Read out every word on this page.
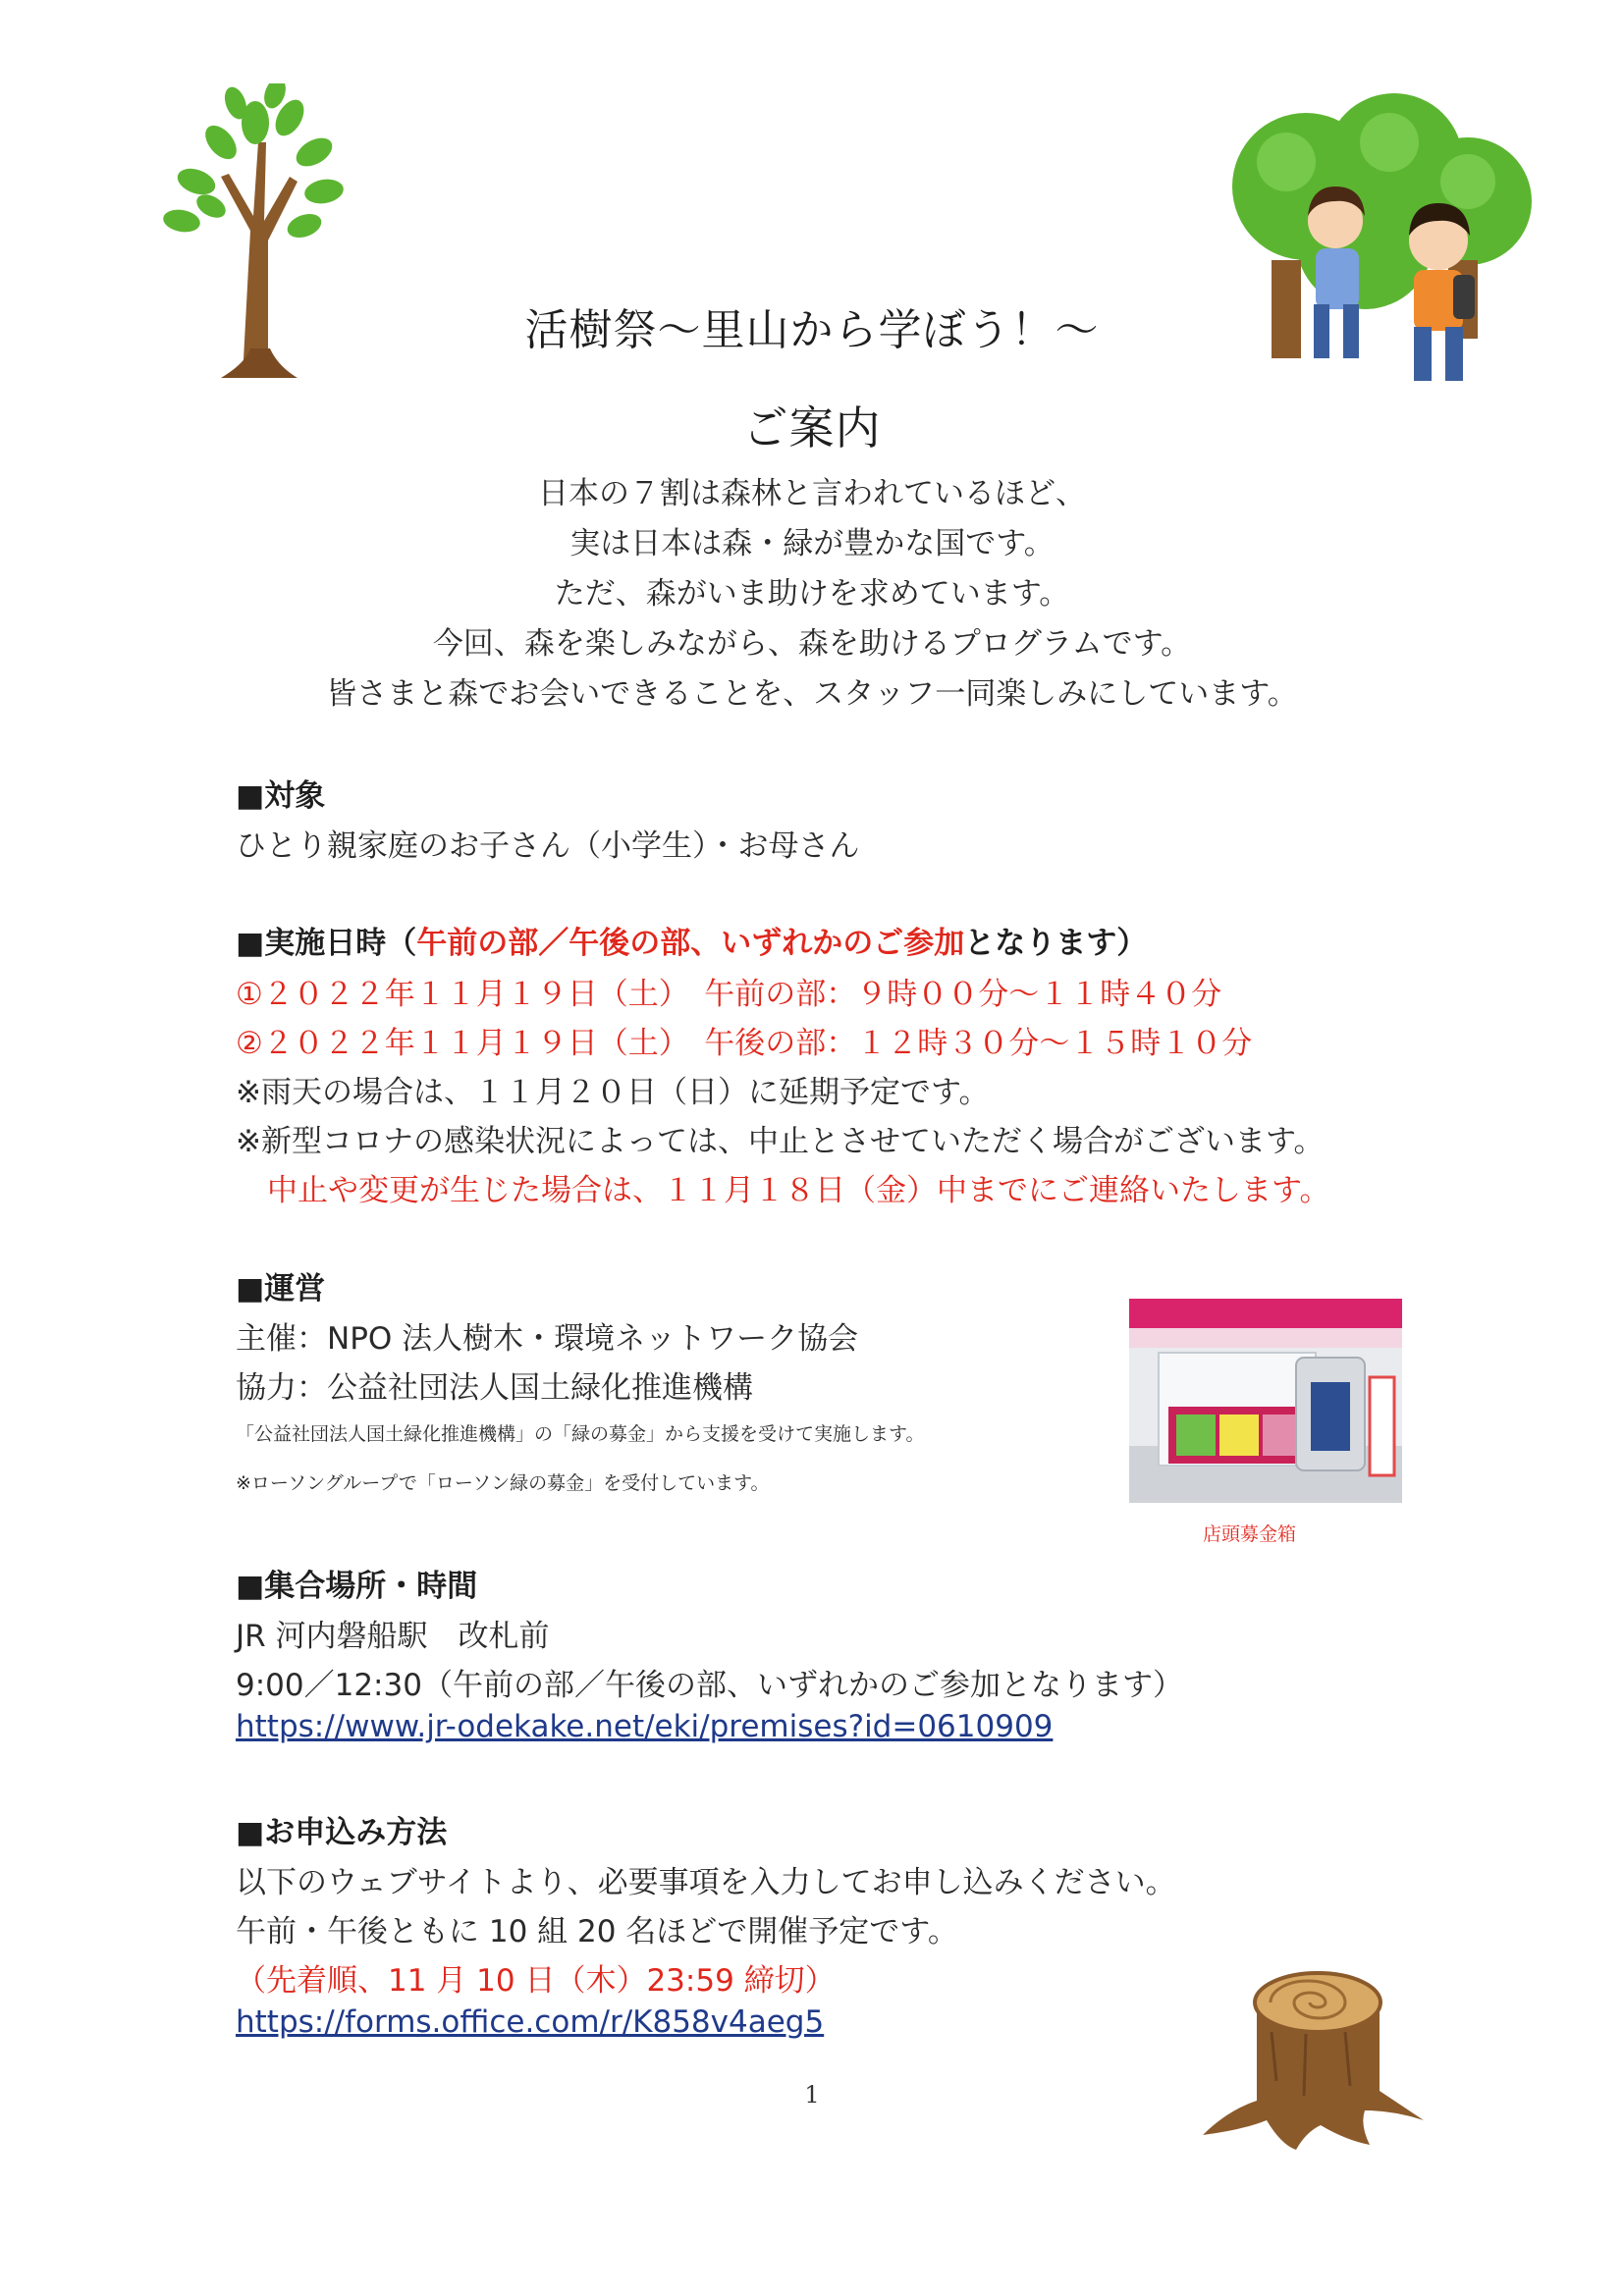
活樹祭～里山から学ぼう！～
ご案内
日本の７割は森林と言われているほど、
実は日本は森・緑が豊かな国です。
ただ、森がいま助けを求めています。
今回、森を楽しみながら、森を助けるプログラムです。
皆さまと森でお会いできることを、スタッフ一同楽しみにしています。
■対象
ひとり親家庭のお子さん（小学生）・お母さん
■実施日時（午前の部／午後の部、いずれかのご参加となります）
①２０２２年１１月１９日（土）　午前の部：９時００分～１１時４０分
②２０２２年１１月１９日（土）　午後の部：１２時３０分～１５時１０分
※雨天の場合は、１１月２０日（日）に延期予定です。
※新型コロナの感染状況によっては、中止とさせていただく場合がございます。
中止や変更が生じた場合は、１１月１８日（金）中までにご連絡いたします。
■運営
主催：NPO 法人樹木・環境ネットワーク協会
協力：公益社団法人国土緑化推進機構
「公益社団法人国土緑化推進機構」の「緑の募金」から支援を受けて実施します。
※ローソングループで「ローソン緑の募金」を受付しています。
店頭募金箱
■集合場所・時間
JR 河内磐船駅　改札前
9:00／12:30（午前の部／午後の部、いずれかのご参加となります）
https://www.jr-odekake.net/eki/premises?id=0610909
■お申込み方法
以下のウェブサイトより、必要事項を入力してお申し込みください。
午前・午後ともに 10 組 20 名ほどで開催予定です。
（先着順、11 月 10 日（木）23:59 締切）
https://forms.office.com/r/K858v4aeg5
1
